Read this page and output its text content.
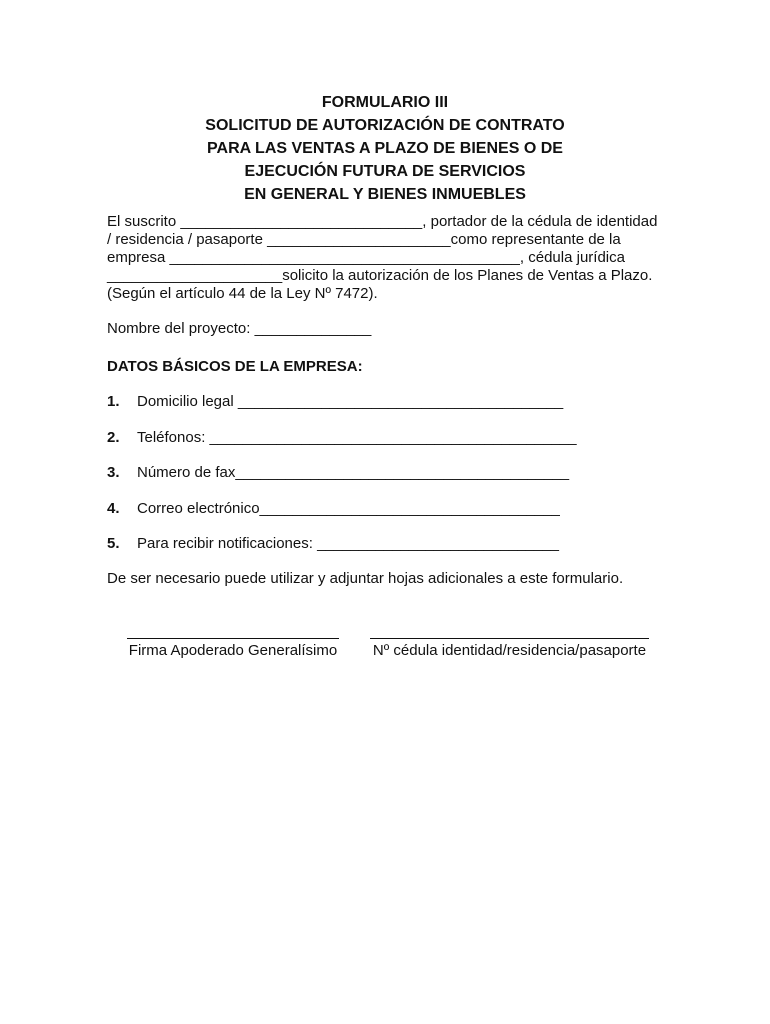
FORMULARIO III
SOLICITUD DE AUTORIZACIÓN DE CONTRATO
PARA LAS VENTAS A PLAZO DE BIENES O DE
EJECUCIÓN FUTURA DE SERVICIOS
EN GENERAL Y BIENES INMUEBLES
El suscrito _____________________________, portador de la cédula de identidad
/ residencia / pasaporte ______________________como representante de la
empresa __________________________________________, cédula jurídica
_____________________solicito la autorización de los Planes de Ventas a Plazo.
(Según el artículo 44 de la Ley Nº 7472).
Nombre del proyecto: ______________
DATOS BÁSICOS DE LA EMPRESA:
1. Domicilio legal _______________________________________
2. Teléfonos: ____________________________________________
3. Número de fax________________________________________
4. Correo electrónico____________________________________
5. Para recibir notificaciones: _____________________________
De ser necesario puede utilizar y adjuntar hojas adicionales a este formulario.
Firma Apoderado Generalísimo Nº cédula identidad/residencia/pasaporte
